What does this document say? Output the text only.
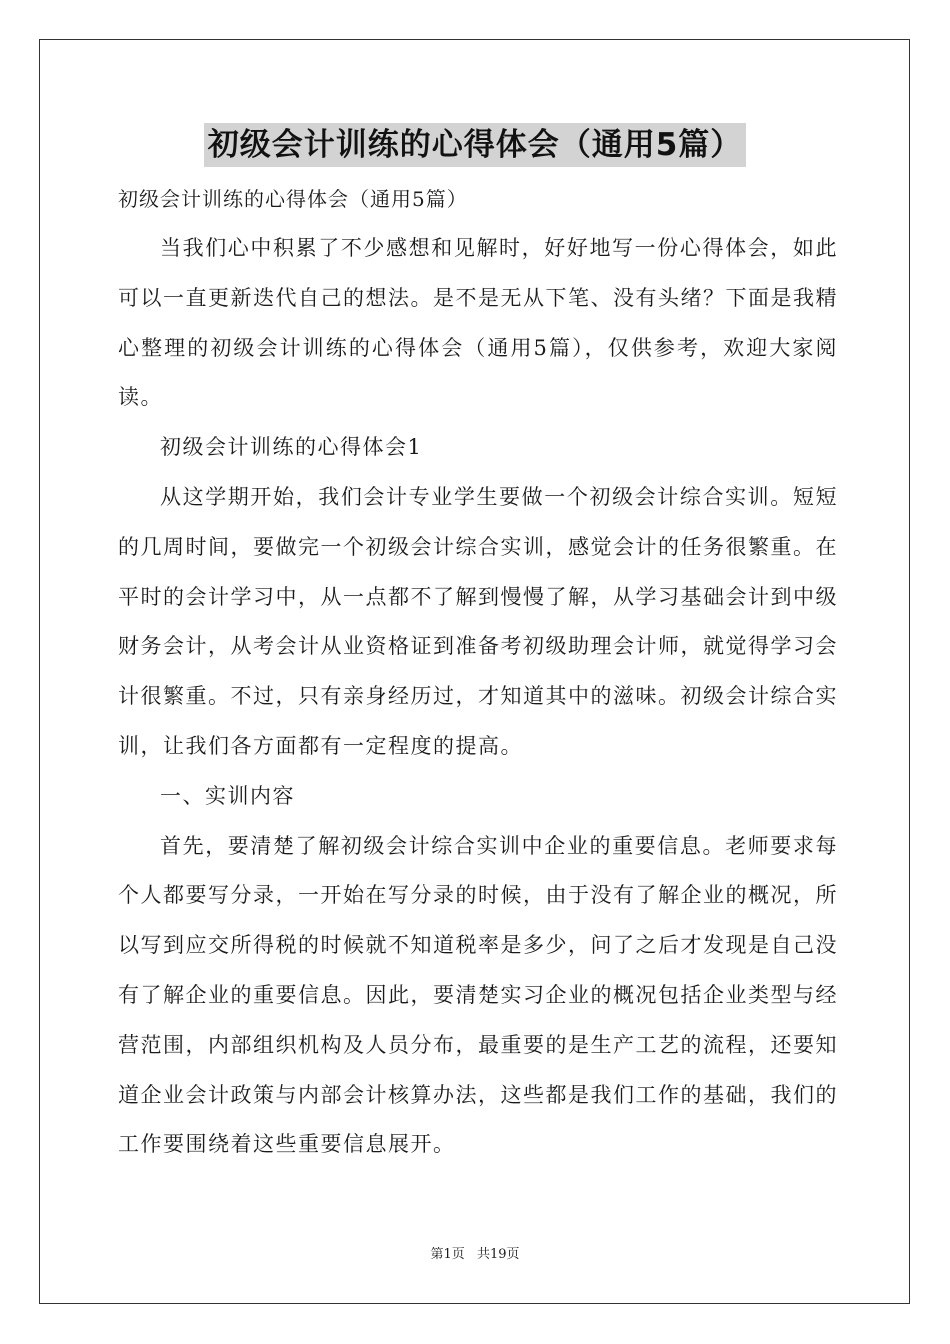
初级会计训练的心得体会（通用5篇）
初级会计训练的心得体会（通用5篇）

当我们心中积累了不少感想和见解时，好好地写一份心得体会，如此可以一直更新迭代自己的想法。是不是无从下笔、没有头绪？下面是我精心整理的初级会计训练的心得体会（通用5篇），仅供参考，欢迎大家阅读。

初级会计训练的心得体会1

从这学期开始，我们会计专业学生要做一个初级会计综合实训。短短的几周时间，要做完一个初级会计综合实训，感觉会计的任务很繁重。在平时的会计学习中，从一点都不了解到慢慢了解，从学习基础会计到中级财务会计，从考会计从业资格证到准备考初级助理会计师，就觉得学习会计很繁重。不过，只有亲身经历过，才知道其中的滋味。初级会计综合实训，让我们各方面都有一定程度的提高。

一、实训内容

首先，要清楚了解初级会计综合实训中企业的重要信息。老师要求每个人都要写分录，一开始在写分录的时候，由于没有了解企业的概况，所以写到应交所得税的时候就不知道税率是多少，问了之后才发现是自己没有了解企业的重要信息。因此，要清楚实习企业的概况包括企业类型与经营范围，内部组织机构及人员分布，最重要的是生产工艺的流程，还要知道企业会计政策与内部会计核算办法，这些都是我们工作的基础，我们的工作要围绕着这些重要信息展开。

第1页 共19页
